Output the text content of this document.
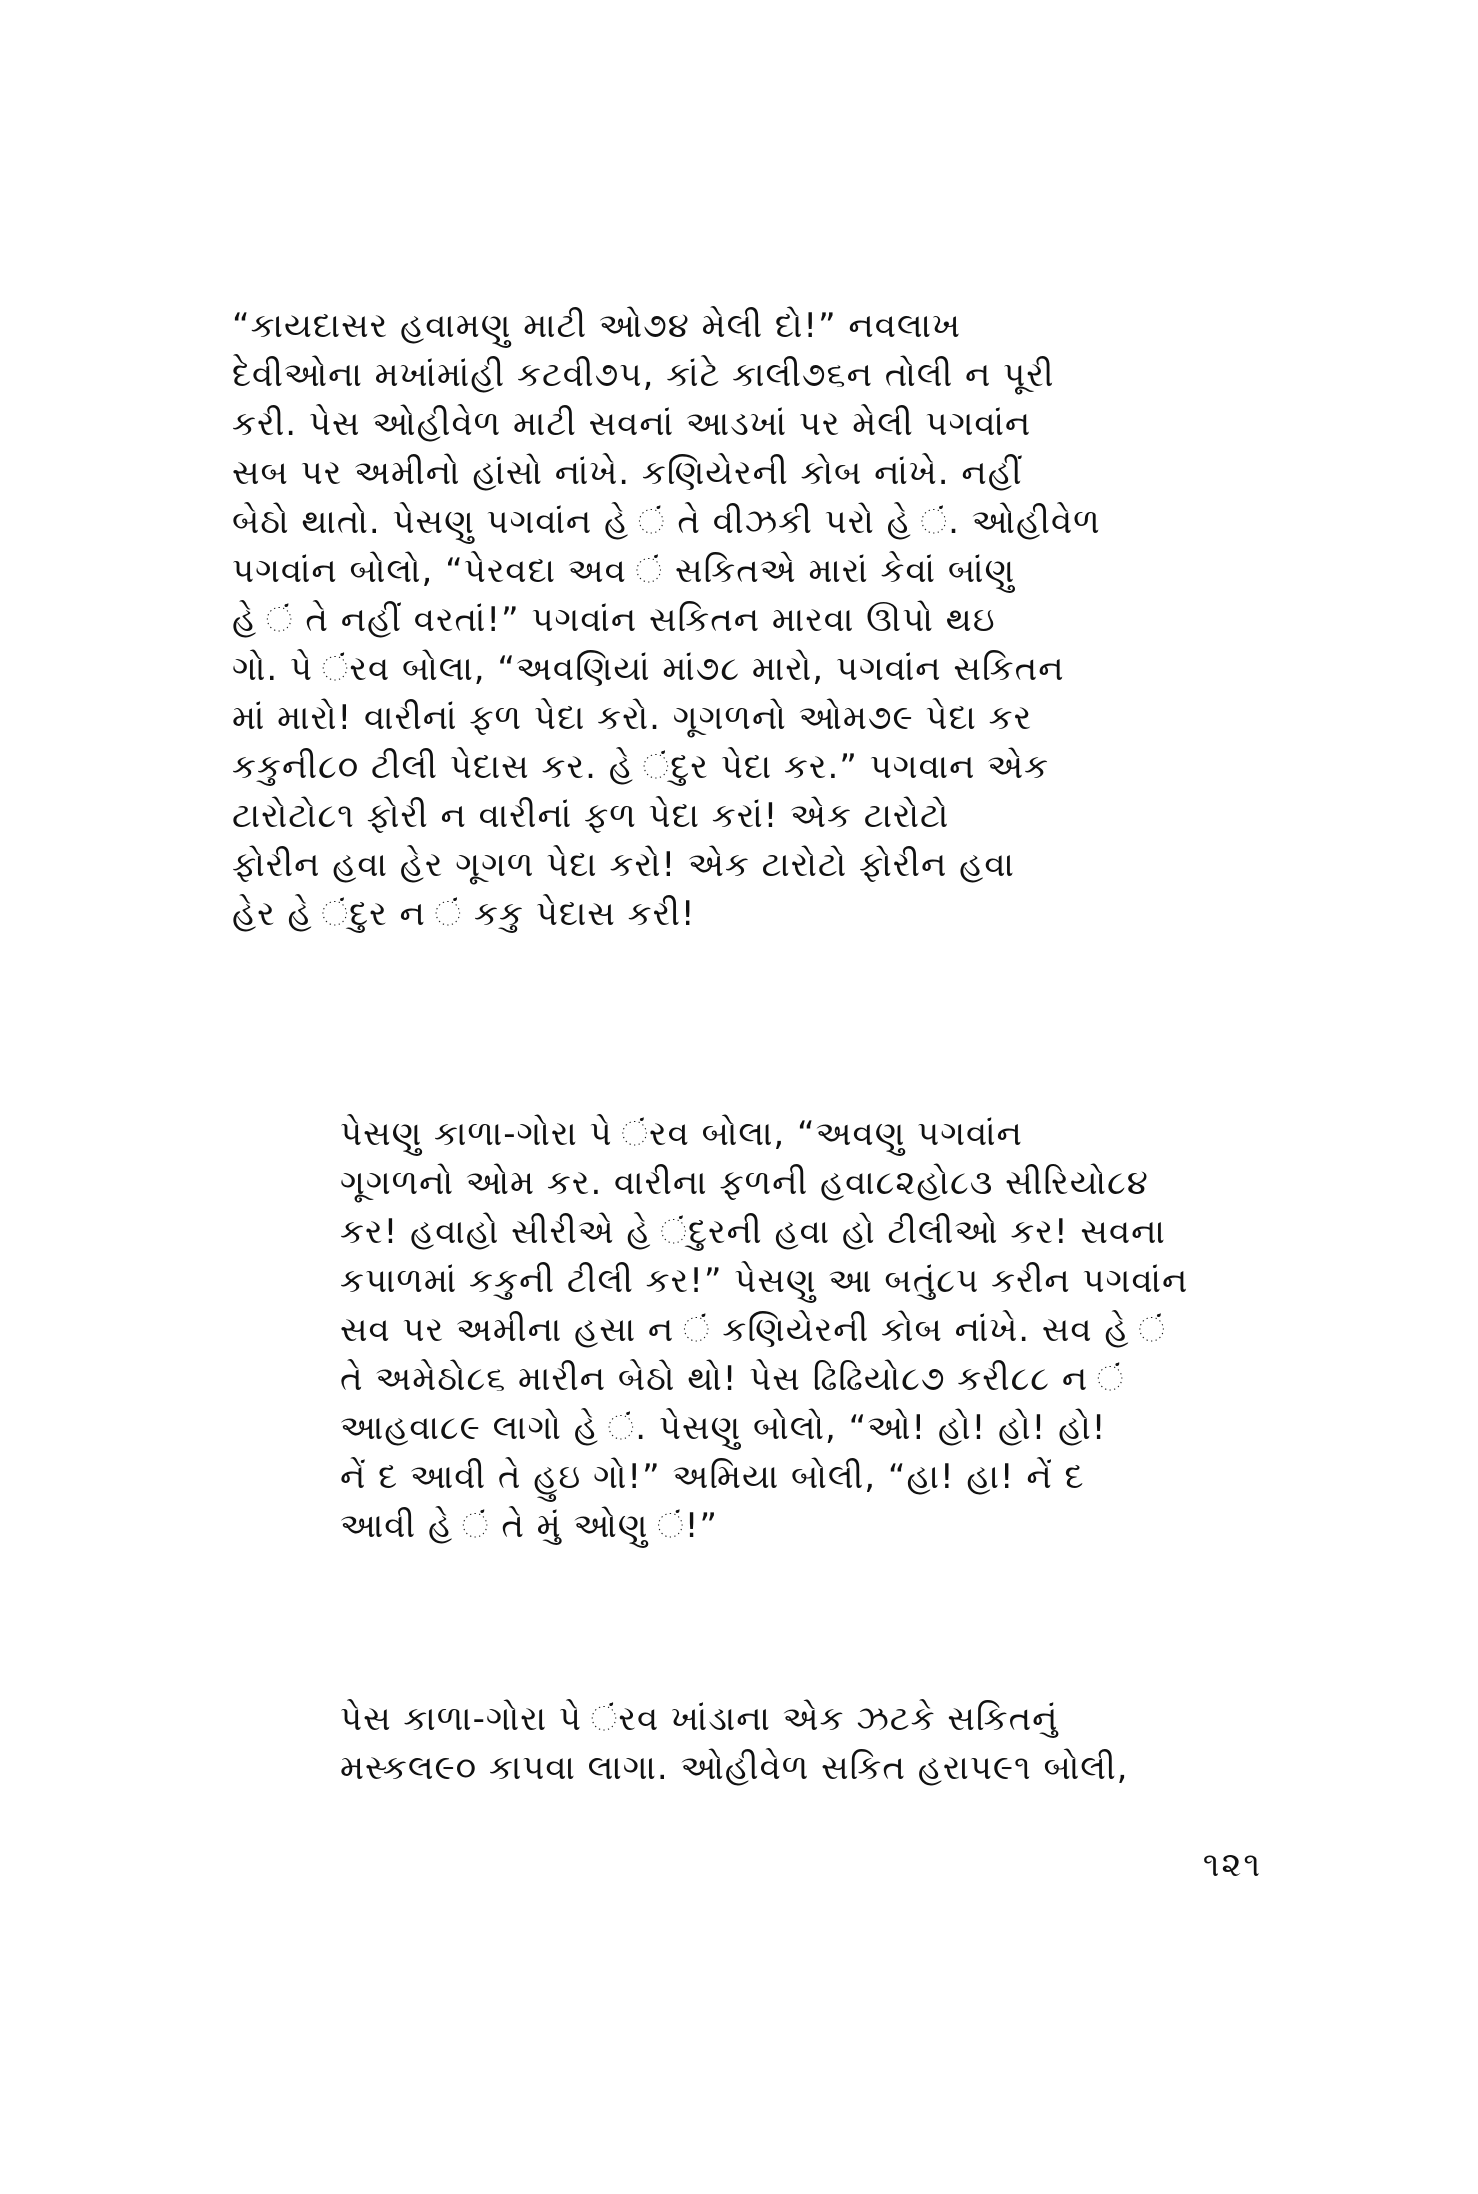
“કાયદાસર હવામણુ માટી ઓ૭૪ મેલી દો!” નવલાખ
દેવીઓના મખાંમાંહી કટવી૭૫, કાંટે કાલી૭૬ન તોલી ન પૂરી
કરી. પેસ ઓહીવેળ માટી સવનાં આડખાં પર મેલી પગવાંન
સબ પર અમીનો હાંસો નાંખે. કણિયેરની કોબ નાંખે. નહીં
બેઠો થાતો. પેસણુ પગવાંન હે ં તે વીઝકી પરો હે ં. ઓહીવેળ
પગવાંન બોલો, “પેરવદા અવ ં સકિતએ મારાં કેવાં બાંણુ
હે ં તે નહીં વરતાં!” પગવાંન સકિતન મારવા ઊપો થઇ
ગો. પે ંરવ બોલા, “અવણિયાં માં૭૮ મારો, પગવાંન સકિતન
માં મારો! વારીનાં ફળ પેદા કરો. ગૂગળનો ઓમ૭૯ પેદા કર
કકુની૮૦ ટીલી પેદાસ કર. હે ંદુર પેદા કર.” પગવાન એક
ટારોટો૮૧ ફોરી ન વારીનાં ફળ પેદા કરાં! એક ટારોટો
ફોરીન હવા હેર ગૂગળ પેદા કરો! એક ટારોટો ફોરીન હવા
હેર હે ંદુર ન ં કકુ પેદાસ કરી!
પેસણુ કાળા-ગોરા પે ંરવ બોલા, “અવણુ પગવાંન
ગૂગળનો ઓમ કર. વારીના ફળની હવા૮૨હો૮૩ સીરિયો૮૪
કર! હવાહો સીરીએ હે ંદુરની હવા હો ટીલીઓ કર! સવના
કપાળમાં કકુની ટીલી કર!” પેસણુ આ બતું૮૫ કરીન પગવાંન
સવ પર અમીના હસા ન ં કણિયેરની કોબ નાંખે. સવ હે ં
તે અમેઠો૮૬ મારીન બેઠો થો! પેસ ઢિઢિયો૮૭ કરી૮૮ ન ં
આહવા૮૯ લાગો હે ં. પેસણુ બોલો, “ઓ! હો! હો! હો!
નેં દ આવી તે હુઇ ગો!” અમિયા બોલી, “હા! હા! નેં દ
આવી હે ં તે મું ઓણુ ં!”
પેસ કાળા-ગોરા પે ંરવ ખાંડાના એક ઝટકે સકિતનું
મસ્કલ૯૦ કાપવા લાગા. ઓહીવેળ સકિત હરાપ૯૧ બોલી,
૧૨૧
